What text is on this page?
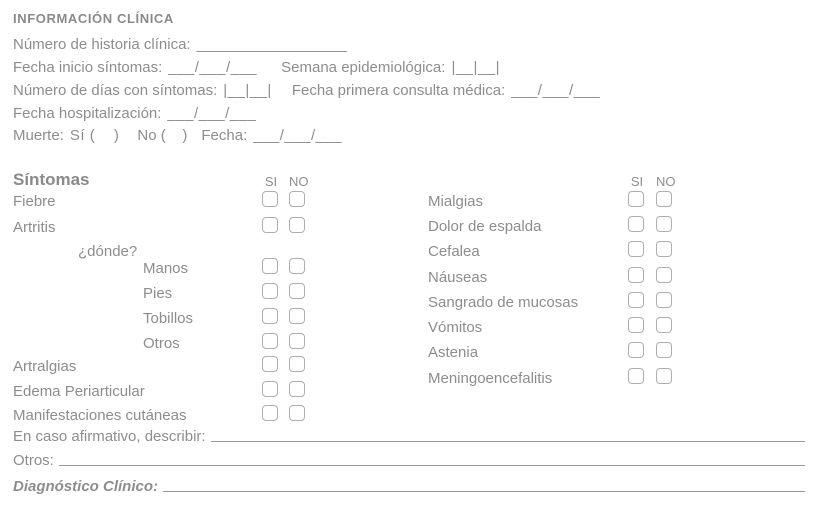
INFORMACIÓN CLÍNICA
Número de historia clínica: __________________
Fecha inicio síntomas: ___/___/___ Semana epidemiológica: |__|__|
Número de días con síntomas: |__|__| Fecha primera consulta médica: ___/___/___
Fecha hospitalización: ___/___/___
Muerte: Sí (    ) No (    ) Fecha: ___/___/___
Síntomas	SI NO	SI NO
Fiebre
Artritis
¿dónde?
Manos
Pies
Tobillos
Otros
Artralgias
Edema Periarticular
Manifestaciones cutáneas
Mialgias
Dolor de espalda
Cefalea
Náuseas
Sangrado de mucosas
Vómitos
Astenia
Meningoencefalitis
En caso afirmativo, describir:
Otros:
Diagnóstico Clínico:
